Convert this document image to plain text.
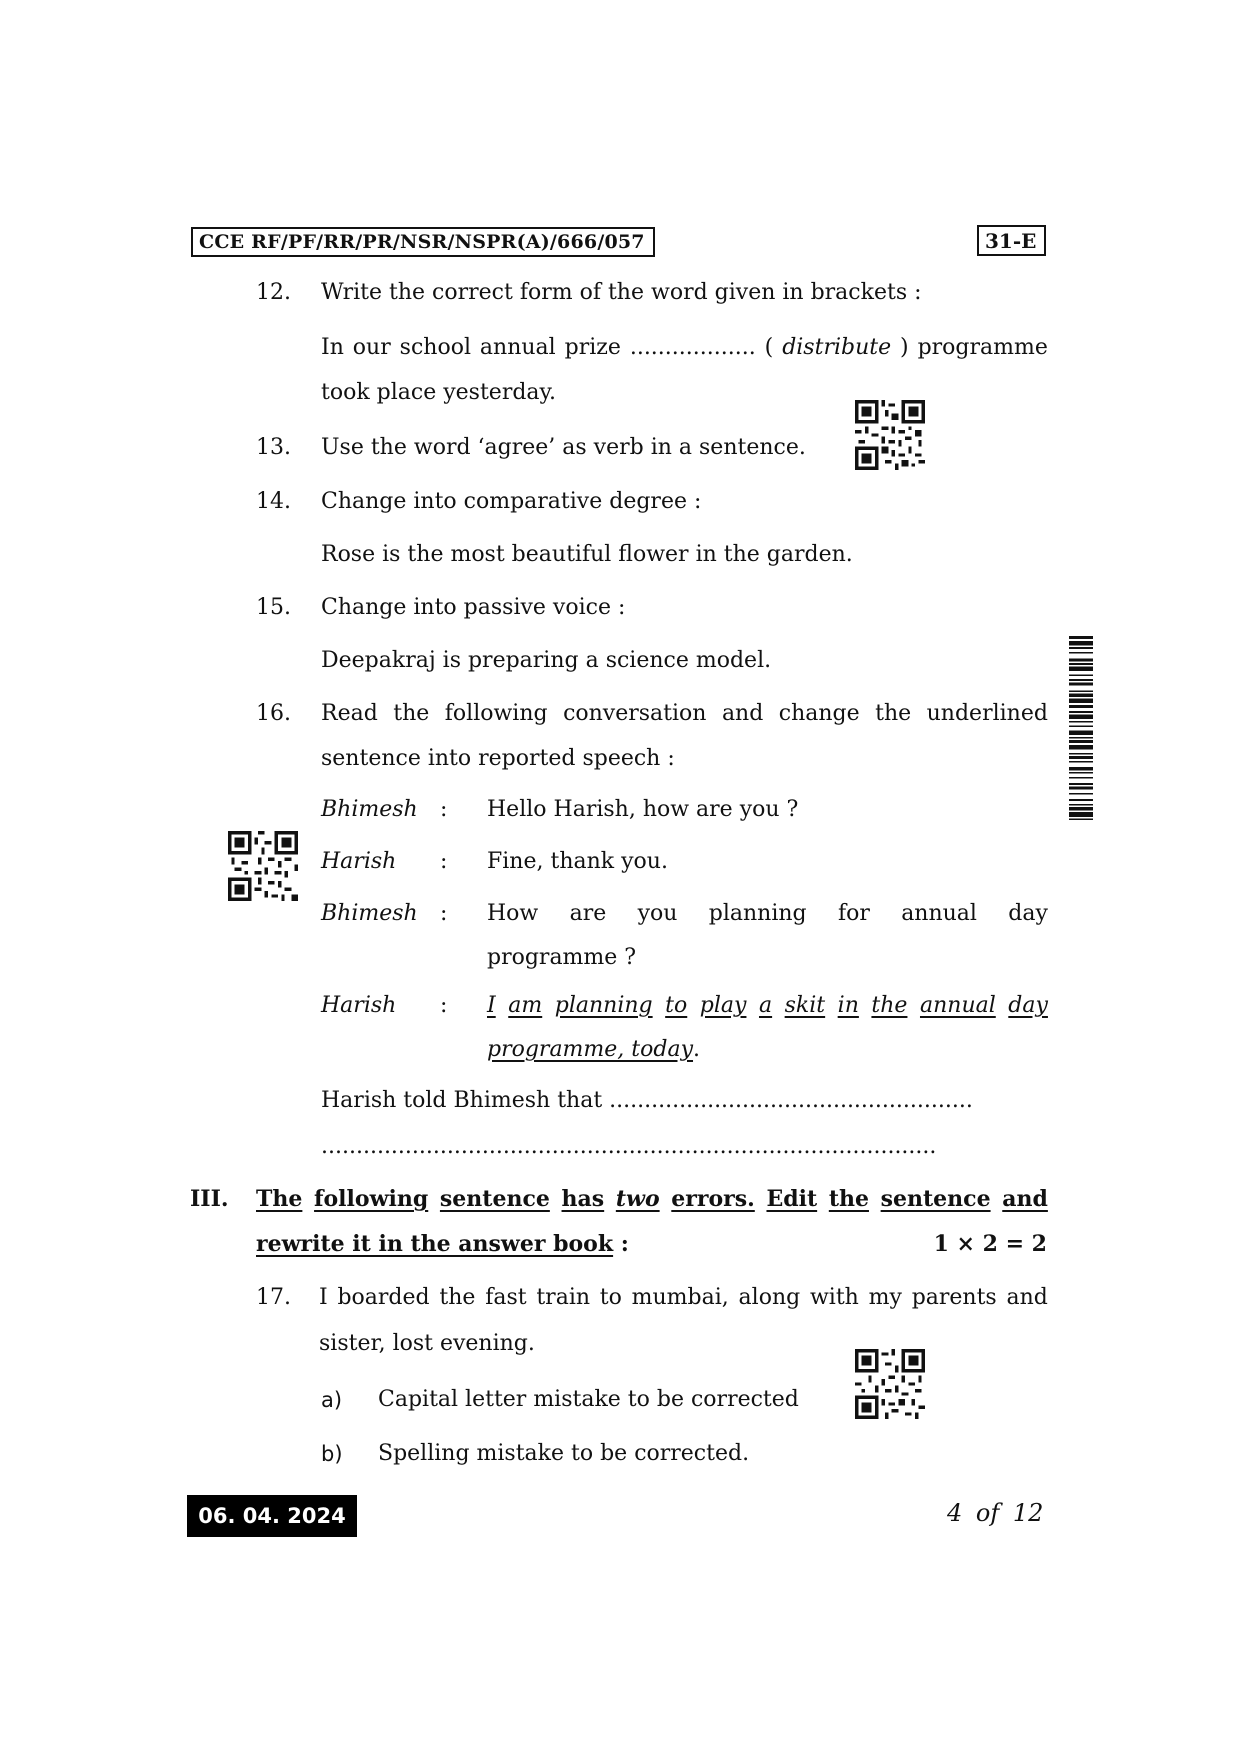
CCE RF/PF/RR/PR/NSR/NSPR(A)/666/057	31-E
12. Write the correct form of the word given in brackets :
In our school annual prize .................. ( distribute ) programme
took place yesterday.
13. Use the word ‘agree’ as verb in a sentence.
14. Change into comparative degree :
Rose is the most beautiful flower in the garden.
15. Change into passive voice :
Deepakraj is preparing a science model.
16. Read the following conversation and change the underlined
sentence into reported speech :
Bhimesh : Hello Harish, how are you ?
Harish : Fine, thank you.
Bhimesh : How are you planning for annual day
programme ?
Harish : I am planning to play a skit in the annual day
programme, today.
Harish told Bhimesh that ....................................................
........................................................................................
III. The following sentence has two errors. Edit the sentence and
rewrite it in the answer book :	1 × 2 = 2
17. I boarded the fast train to mumbai, along with my parents and
sister, lost evening.
a) Capital letter mistake to be corrected
b) Spelling mistake to be corrected.
06. 04. 2024	4 of 12
